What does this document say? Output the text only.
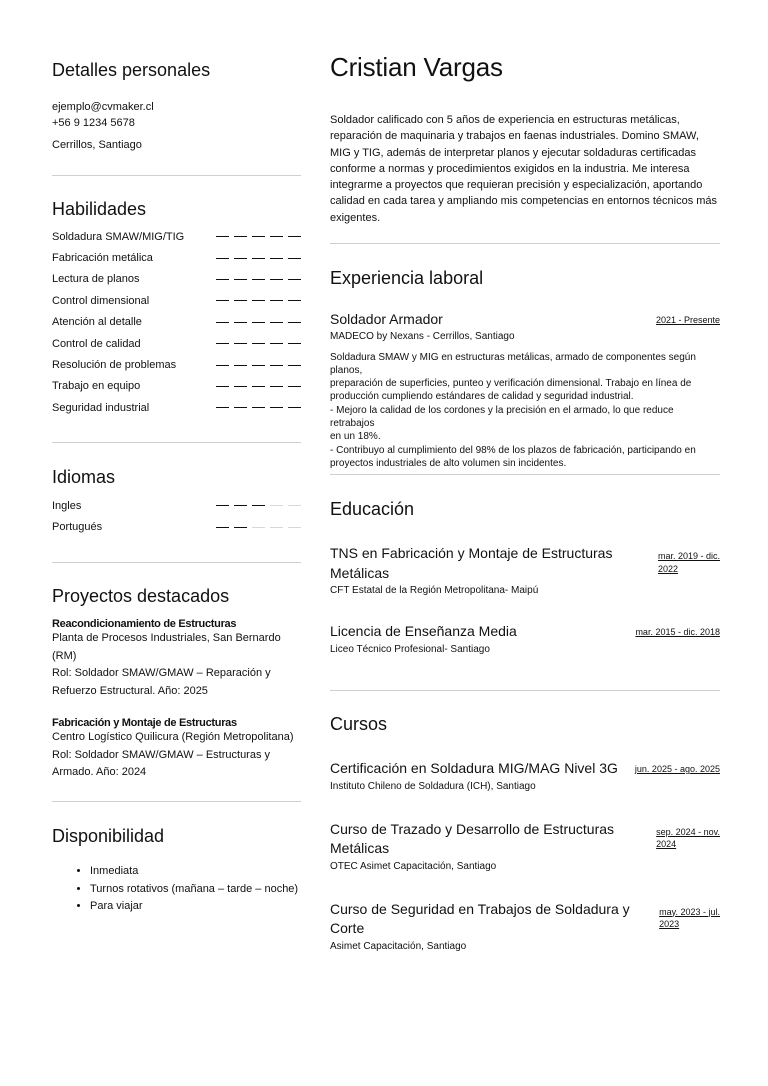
Detalles personales
ejemplo@cvmaker.cl
+56 9 1234 5678
Cerrillos, Santiago
Habilidades
Soldadura SMAW/MIG/TIG
Fabricación metálica
Lectura de planos
Control dimensional
Atención al detalle
Control de calidad
Resolución de problemas
Trabajo en equipo
Seguridad industrial
Idiomas
Ingles
Portugués
Proyectos destacados
Reacondicionamiento de Estructuras
Planta de Procesos Industriales, San Bernardo (RM)
Rol: Soldador SMAW/GMAW – Reparación y
Refuerzo Estructural. Año: 2025
Fabricación y Montaje de Estructuras
Centro Logístico Quilicura (Región Metropolitana)
Rol: Soldador SMAW/GMAW – Estructuras y
Armado. Año: 2024
Disponibilidad
• Inmediata
• Turnos rotativos (mañana – tarde – noche)
• Para viajar
Cristian Vargas
Soldador calificado con 5 años de experiencia en estructuras metálicas, reparación de maquinaria y trabajos en faenas industriales. Domino SMAW, MIG y TIG, además de interpretar planos y ejecutar soldaduras certificadas conforme a normas y procedimientos exigidos en la industria. Me interesa integrarme a proyectos que requieran precisión y especialización, aportando calidad en cada tarea y ampliando mis competencias en entornos técnicos más exigentes.
Experiencia laboral
Soldador Armador	2021 - Presente
MADECO by Nexans - Cerrillos, Santiago
Soldadura SMAW y MIG en estructuras metálicas, armado de componentes según planos,
preparación de superficies, punteo y verificación dimensional. Trabajo en línea de
producción cumpliendo estándares de calidad y seguridad industrial.
- Mejoro la calidad de los cordones y la precisión en el armado, lo que reduce retrabajos
en un 18%.
- Contribuyo al cumplimiento del 98% de los plazos de fabricación, participando en
proyectos industriales de alto volumen sin incidentes.
Educación
TNS en Fabricación y Montaje de Estructuras
Metálicas
mar. 2019 - dic.
2022
CFT Estatal de la Región Metropolitana- Maipú
Licencia de Enseñanza Media	mar. 2015 - dic. 2018
Liceo Técnico Profesional- Santiago
Cursos
Certificación en Soldadura MIG/MAG Nivel 3G jun. 2025 - ago. 2025
Instituto Chileno de Soldadura (ICH), Santiago
Curso de Trazado y Desarrollo de Estructuras
Metálicas
sep. 2024 - nov.
2024
OTEC Asimet Capacitación, Santiago
Curso de Seguridad en Trabajos de Soldadura y
Corte
may. 2023 - jul.
2023
Asimet Capacitación, Santiago
